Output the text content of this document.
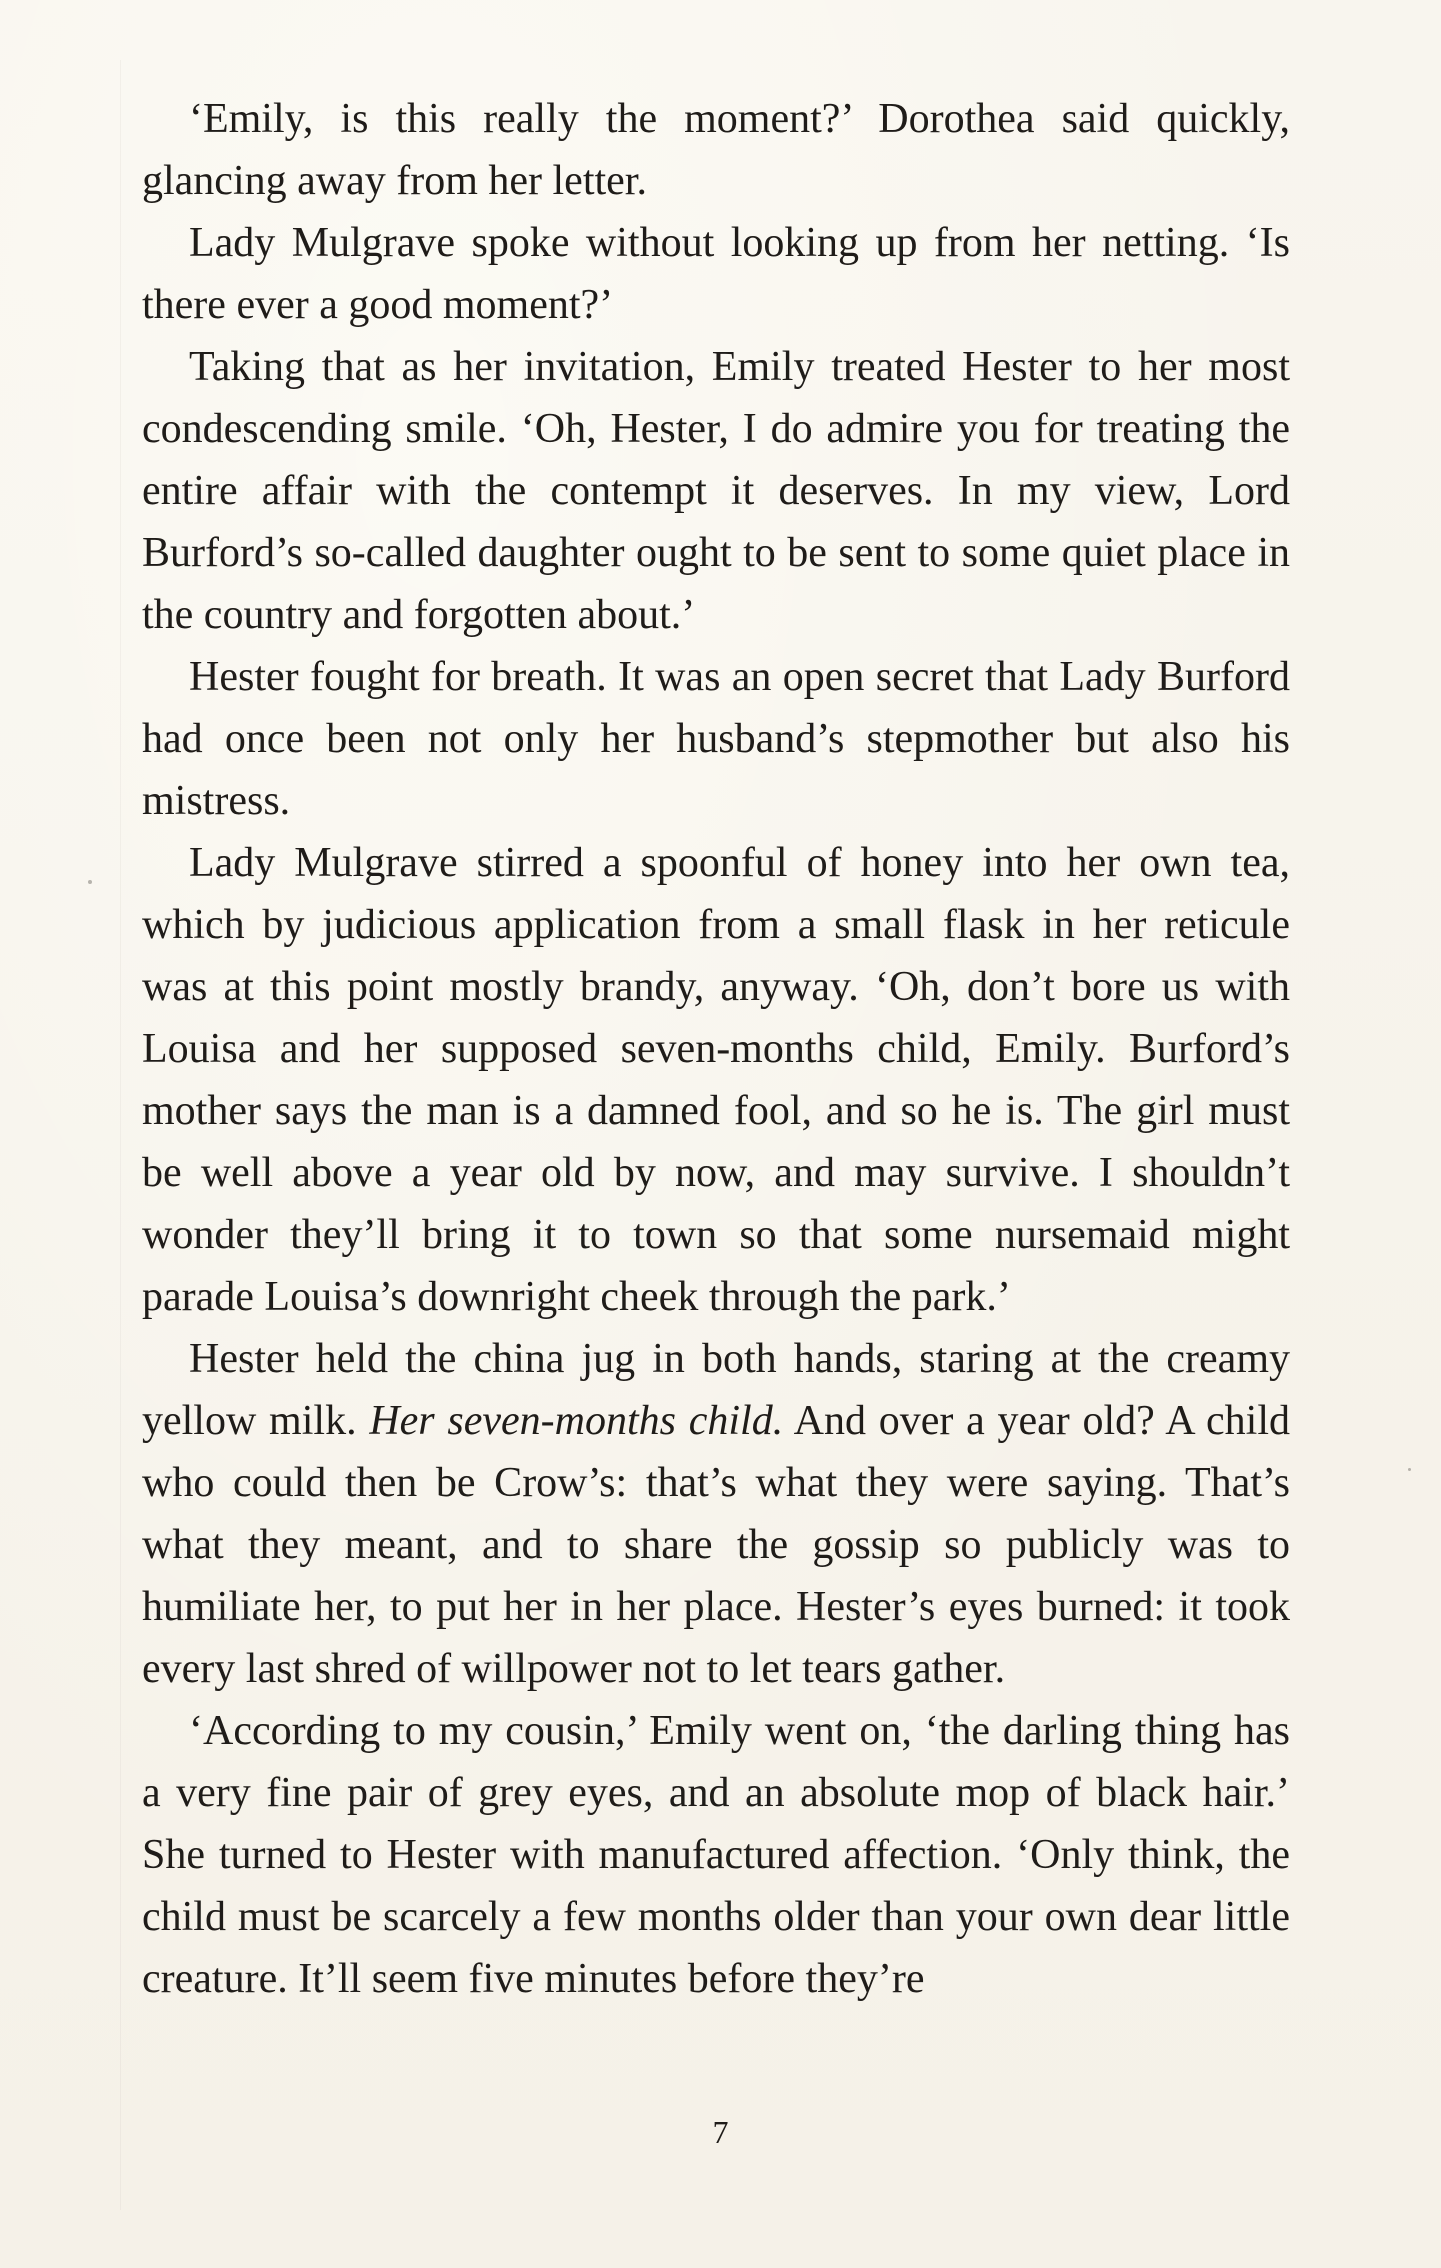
‘Emily, is this really the moment?’ Dorothea said quickly, glancing away from her letter.

Lady Mulgrave spoke without looking up from her netting. ‘Is there ever a good moment?’

Taking that as her invitation, Emily treated Hester to her most condescending smile. ‘Oh, Hester, I do admire you for treating the entire affair with the contempt it deserves. In my view, Lord Burford’s so-called daughter ought to be sent to some quiet place in the country and forgotten about.’

Hester fought for breath. It was an open secret that Lady Burford had once been not only her husband’s stepmother but also his mistress.

Lady Mulgrave stirred a spoonful of honey into her own tea, which by judicious application from a small flask in her reticule was at this point mostly brandy, anyway. ‘Oh, don’t bore us with Louisa and her supposed seven-months child, Emily. Burford’s mother says the man is a damned fool, and so he is. The girl must be well above a year old by now, and may survive. I shouldn’t wonder they’ll bring it to town so that some nursemaid might parade Louisa’s downright cheek through the park.’

Hester held the china jug in both hands, staring at the creamy yellow milk. Her seven-months child. And over a year old? A child who could then be Crow’s: that’s what they were saying. That’s what they meant, and to share the gossip so publicly was to humiliate her, to put her in her place. Hester’s eyes burned: it took every last shred of willpower not to let tears gather.

‘According to my cousin,’ Emily went on, ‘the darling thing has a very fine pair of grey eyes, and an absolute mop of black hair.’ She turned to Hester with manufactured affection. ‘Only think, the child must be scarcely a few months older than your own dear little creature. It’ll seem five minutes before they’re

7
